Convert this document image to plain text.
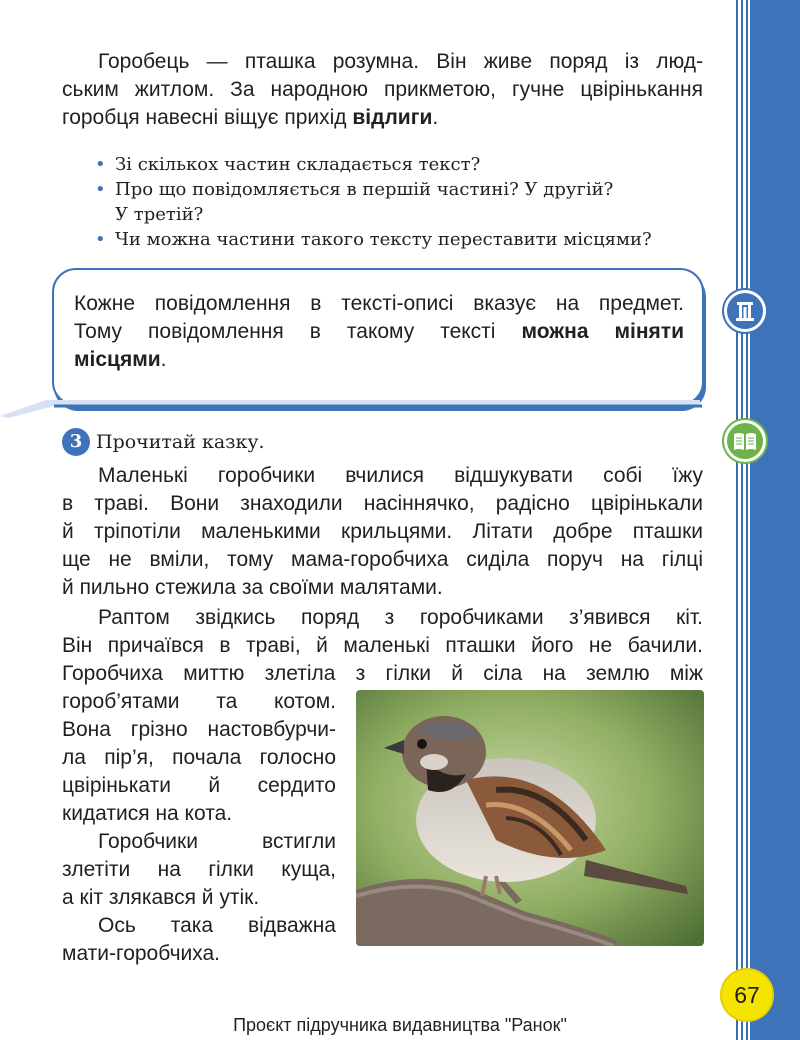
Горобець — пташка розумна. Він живе поряд із люд-
ським житлом. За народною прикметою, гучне цвірінькання
горобця навесні віщує прихід відлиги.
• Зі скількох частин складається текст?
• Про що повідомляється в першій частині? У другій?
У третій?
• Чи можна частини такого тексту переставити місцями?
Кожне повідомлення в тексті-описі вказує на предмет.
Тому повідомлення в такому тексті можна міняти
місцями.
3 Прочитай казку.
Маленькі горобчики вчилися відшукувати собі їжу
в траві. Вони знаходили насіннячко, радісно цвірінькали
й тріпотіли маленькими крильцями. Літати добре пташки
ще не вміли, тому мама-горобчиха сиділа поруч на гілці
й пильно стежила за своїми малятами.
Раптом звідкись поряд з горобчиками з’явився кіт.
Він причаївся в траві, й маленькі пташки його не бачили.
Горобчиха миттю злетіла з гілки й сіла на землю між
гороб’ятами та котом.
Вона грізно настовбурчи-
ла пір’я, почала голосно
цвірінькати й сердито
кидатися на кота.
Горобчики встигли
злетіти на гілки куща,
а кіт злякався й утік.
Ось така відважна
мати-горобчиха.
67
Проєкт підручника видавництва "Ранок"
